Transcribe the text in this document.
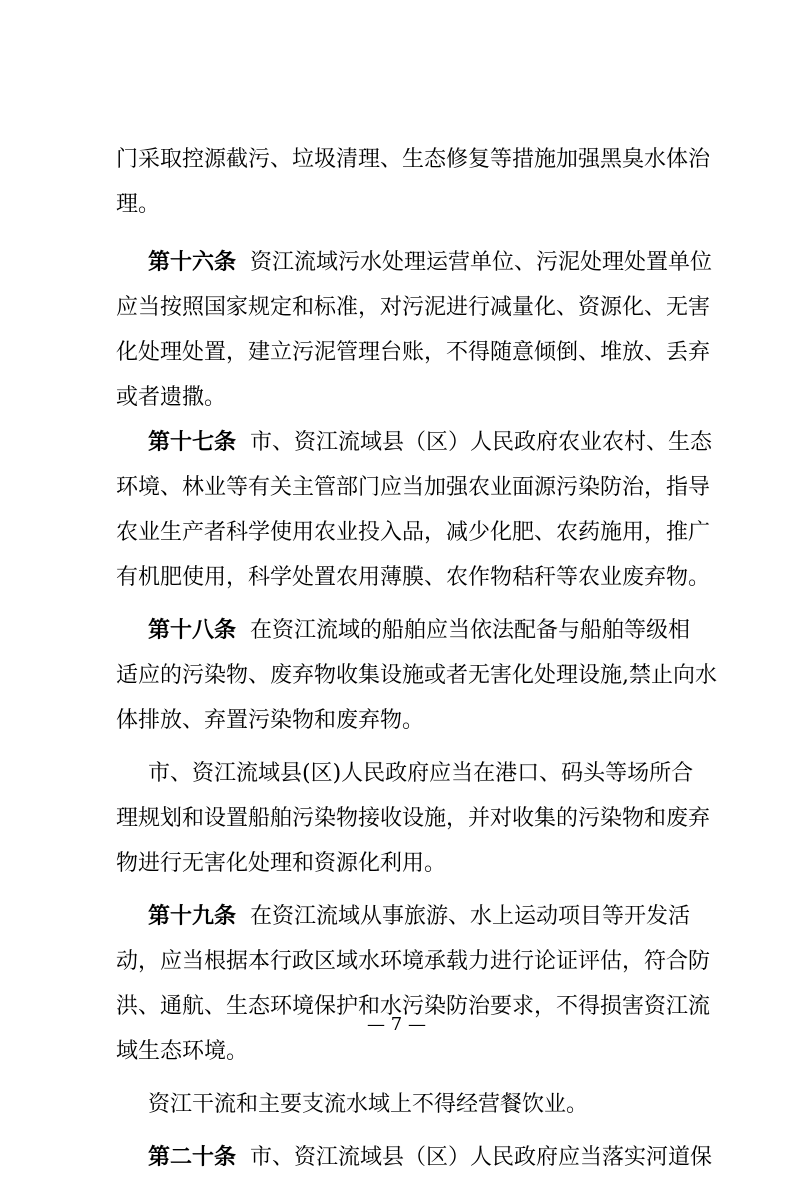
门采取控源截污、垃圾清理、生态修复等措施加强黑臭水体治
理。
第十六条 资江流域污水处理运营单位、污泥处理处置单位
应当按照国家规定和标准，对污泥进行减量化、资源化、无害
化处理处置，建立污泥管理台账，不得随意倾倒、堆放、丢弃
或者遗撒。
第十七条 市、资江流域县（区）人民政府农业农村、生态
环境、林业等有关主管部门应当加强农业面源污染防治，指导
农业生产者科学使用农业投入品，减少化肥、农药施用，推广
有机肥使用，科学处置农用薄膜、农作物秸秆等农业废弃物。
第十八条 在资江流域的船舶应当依法配备与船舶等级相
适应的污染物、废弃物收集设施或者无害化处理设施,禁止向水
体排放、弃置污染物和废弃物。
市、资江流域县(区)人民政府应当在港口、码头等场所合
理规划和设置船舶污染物接收设施，并对收集的污染物和废弃
物进行无害化处理和资源化利用。
第十九条 在资江流域从事旅游、水上运动项目等开发活
动，应当根据本行政区域水环境承载力进行论证评估，符合防
洪、通航、生态环境保护和水污染防治要求，不得损害资江流
域生态环境。
资江干流和主要支流水域上不得经营餐饮业。
第二十条 市、资江流域县（区）人民政府应当落实河道保
— 7 —
